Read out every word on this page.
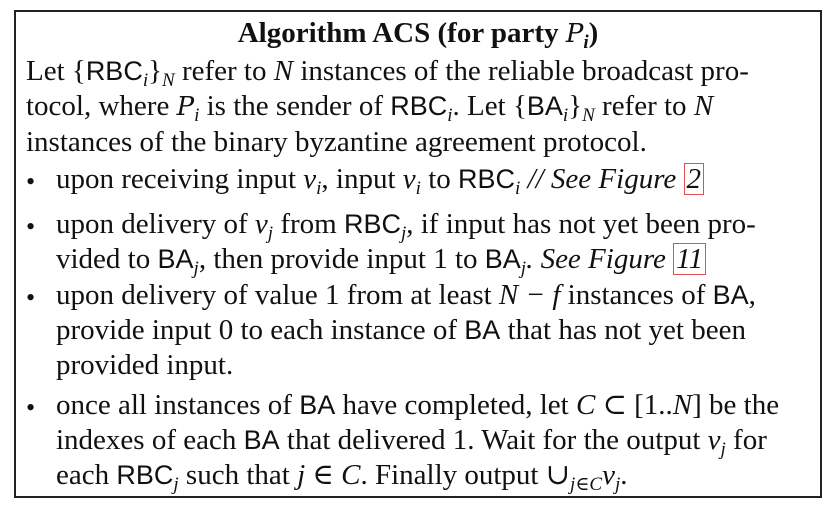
Algorithm ACS (for party $P_i$)
Let $\{RBC_i\}_N$ refer to N instances of the reliable broadcast pro-
tocol, where $P_i$ is the sender of $RBC_i$. Let $\{BA_i\}_N$ refer to N
instances of the binary byzantine agreement protocol.
• upon receiving input $v_i$, input $v_i$ to $RBC_i$ // See Figure 2
• upon delivery of $v_j$ from $RBC_j$, if input has not yet been pro-
vided to $BA_j$, then provide input 1 to $BA_j$. See Figure 11
• upon delivery of value 1 from at least N − f instances of BA,
provide input 0 to each instance of BA that has not yet been
provided input.
• once all instances of BA have completed, let C ⊂ [1..N] be the
indexes of each BA that delivered 1. Wait for the output $v_j$ for
each $RBC_j$ such that j ∈ C. Finally output $\cup_{j\in C}v_j$.
